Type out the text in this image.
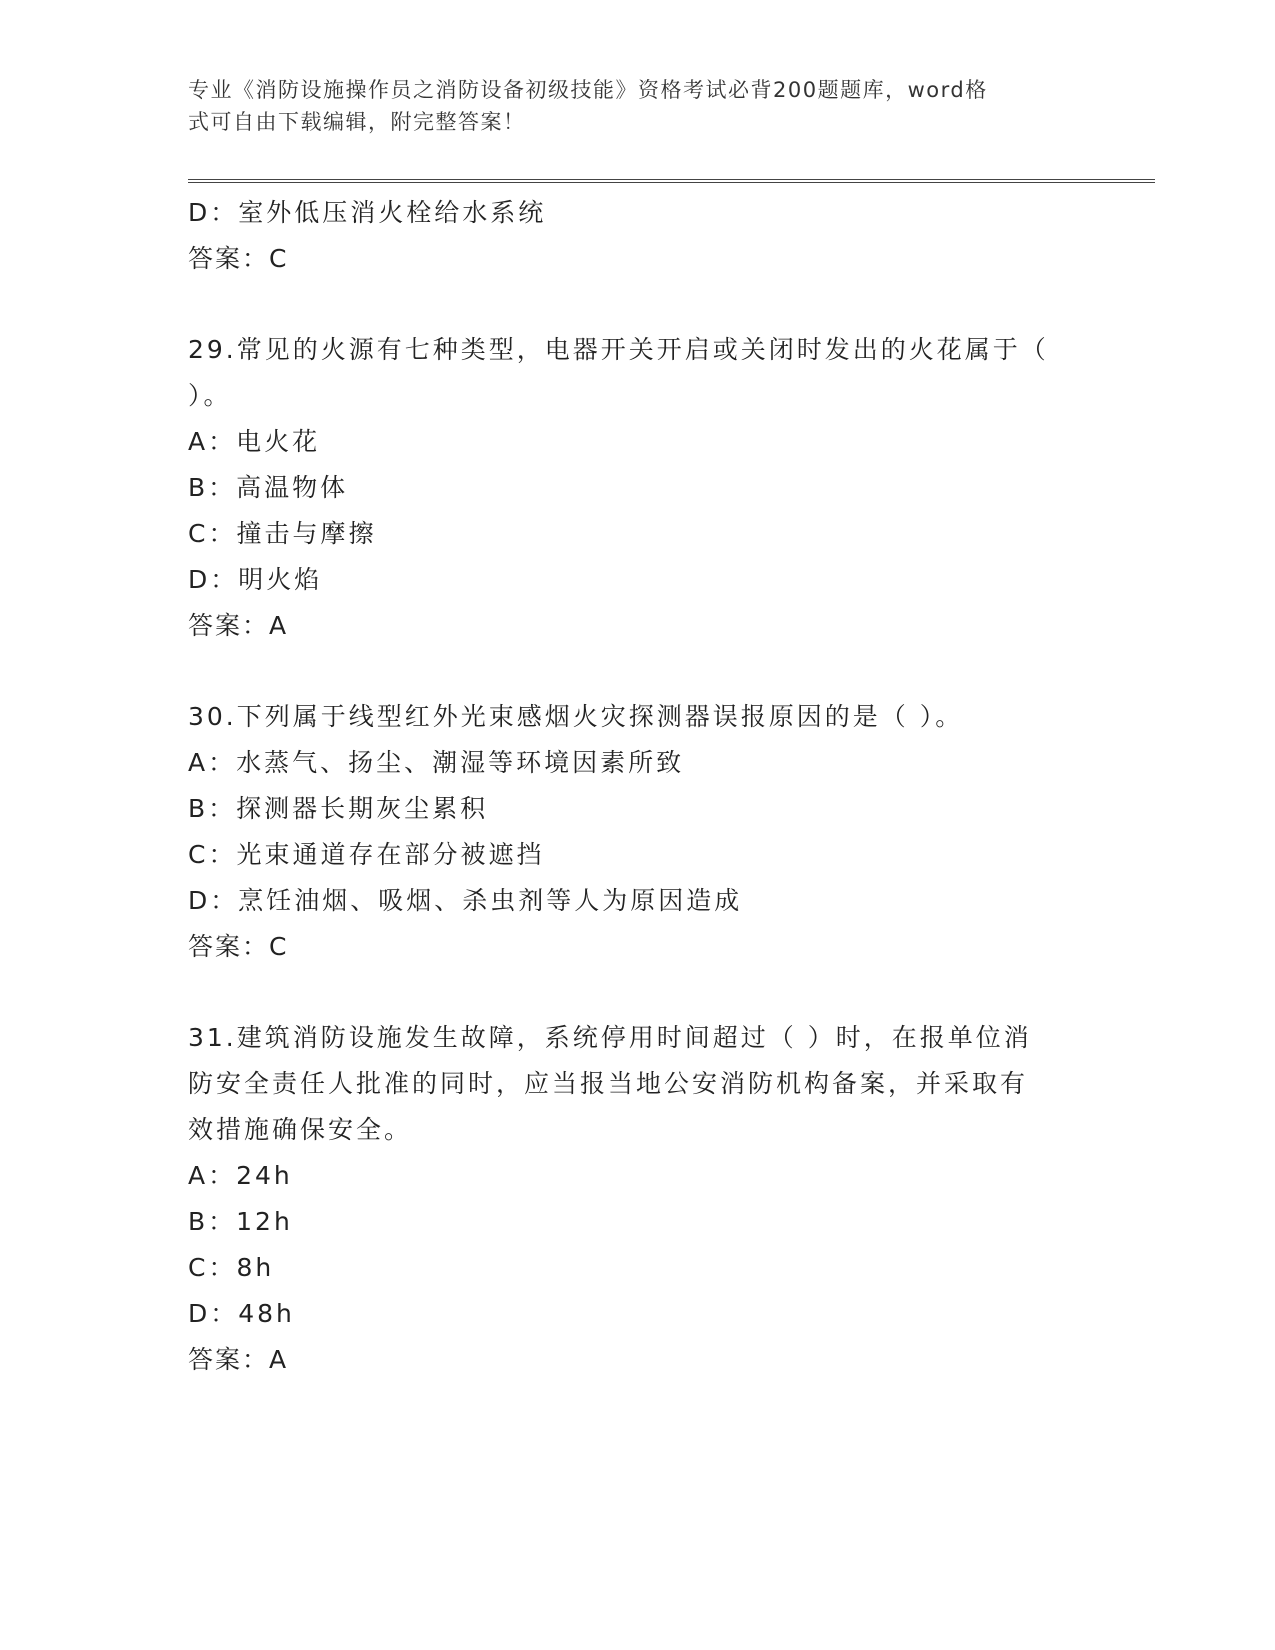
专业《消防设施操作员之消防设备初级技能》资格考试必背200题题库，word格
式可自由下载编辑，附完整答案！
D：室外低压消火栓给水系统
答案：C
29.常见的火源有七种类型，电器开关开启或关闭时发出的火花属于（
）。
A：电火花
B：高温物体
C：撞击与摩擦
D：明火焰
答案：A
30.下列属于线型红外光束感烟火灾探测器误报原因的是（ ）。
A：水蒸气、扬尘、潮湿等环境因素所致
B：探测器长期灰尘累积
C：光束通道存在部分被遮挡
D：烹饪油烟、吸烟、杀虫剂等人为原因造成
答案：C
31.建筑消防设施发生故障，系统停用时间超过（ ）时，在报单位消
防安全责任人批准的同时，应当报当地公安消防机构备案，并采取有
效措施确保安全。
A：24h
B：12h
C：8h
D：48h
答案：A
